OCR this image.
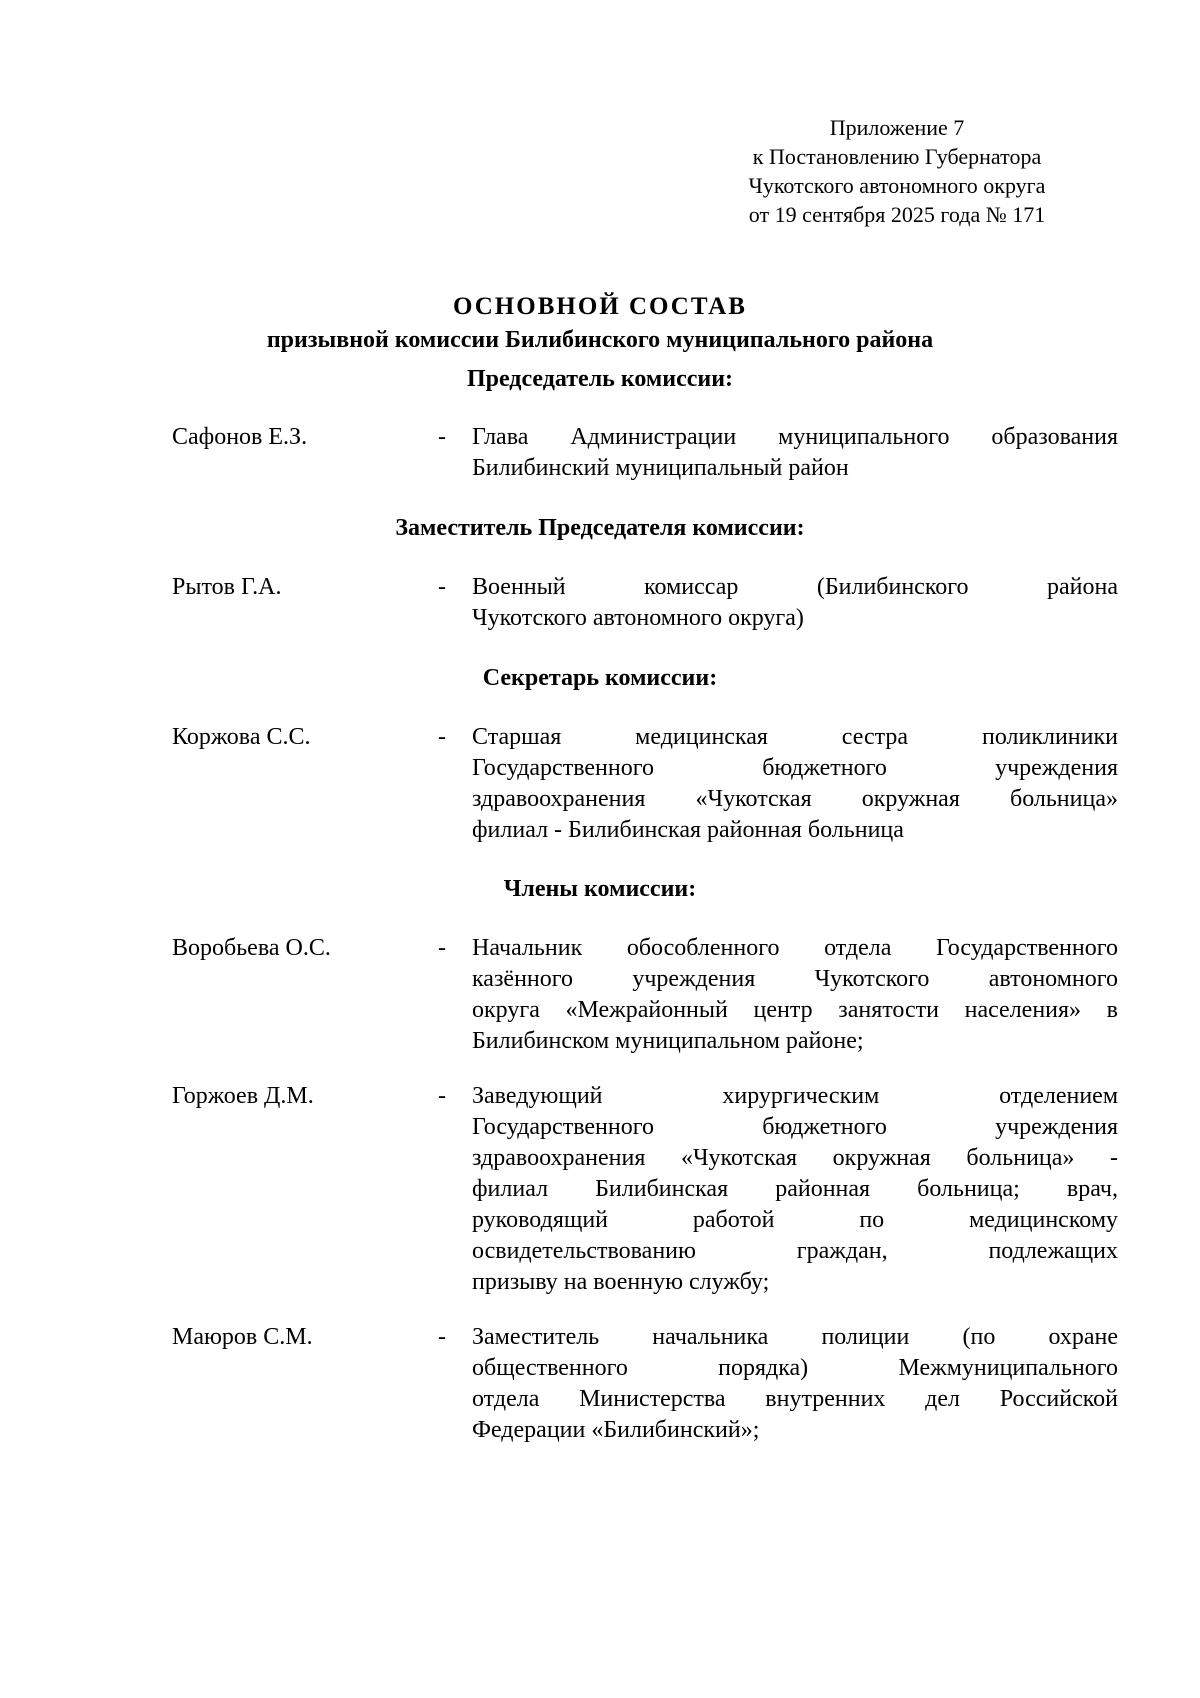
Приложение 7
к Постановлению Губернатора
Чукотского автономного округа
от 19 сентября 2025 года № 171
ОСНОВНОЙ СОСТАВ
призывной комиссии Билибинского муниципального района
Председатель комиссии:
Сафонов Е.З.	- Глава Администрации муниципального образования
Билибинский муниципальный район
Заместитель Председателя комиссии:
Рытов Г.А.	- Военный комиссар (Билибинского района
Чукотского автономного округа)
Секретарь комиссии:
Коржова С.С.	- Старшая медицинская сестра поликлиники
Государственного бюджетного учреждения
здравоохранения «Чукотская окружная больница»
филиал - Билибинская районная больница
Члены комиссии:
Воробьева О.С.	- Начальник обособленного отдела Государственного
казённого учреждения Чукотского автономного
округа «Межрайонный центр занятости населения» в
Билибинском муниципальном районе;
Горжоев Д.М.	- Заведующий хирургическим отделением
Государственного бюджетного учреждения
здравоохранения «Чукотская окружная больница» -
филиал Билибинская районная больница; врач,
руководящий работой по медицинскому
освидетельствованию граждан, подлежащих
призыву на военную службу;
Маюров С.М.	- Заместитель начальника полиции (по охране
общественного порядка) Межмуниципального
отдела Министерства внутренних дел Российской
Федерации «Билибинский»;
